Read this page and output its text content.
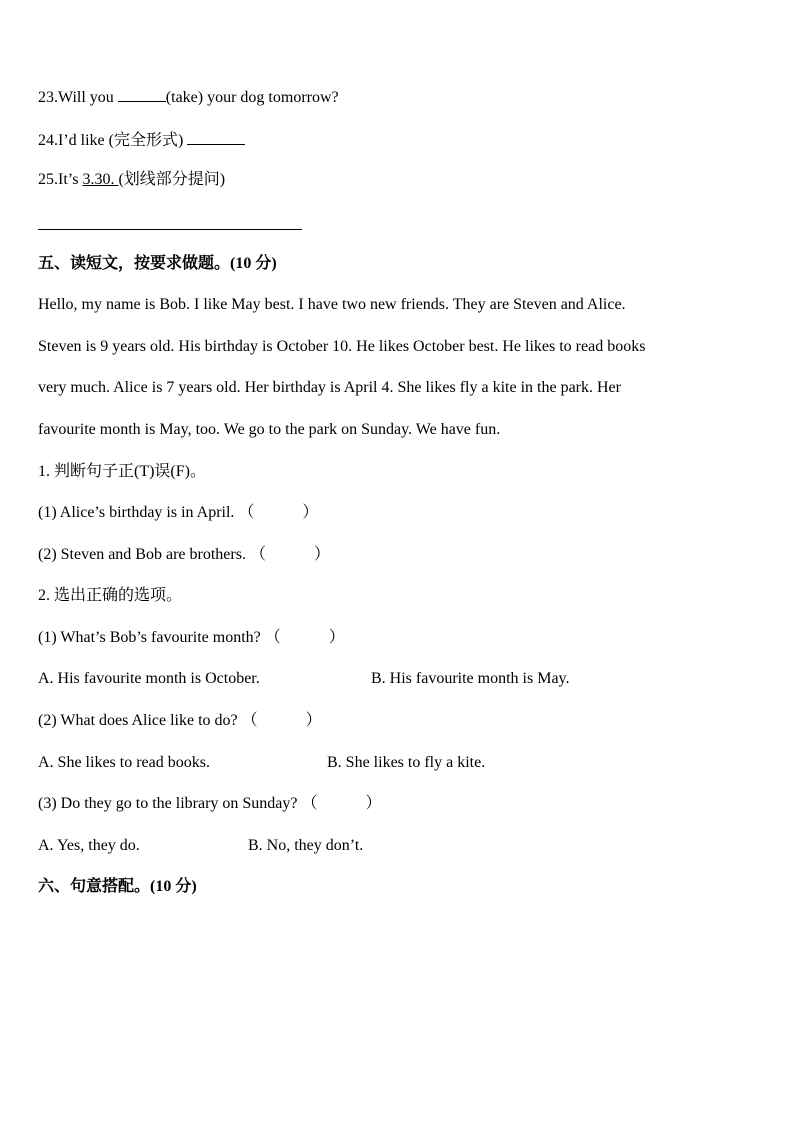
23.Will you	(take) your dog tomorrow?
24.I’d like (完全形式)
25.It’s 3.30. (划线部分提问)
五、读短文，按要求做题。(10 分)
Hello, my name is Bob. I like May best. I have two new friends. They are Steven and Alice.
Steven is 9 years old. His birthday is October 10. He likes October best. He likes to read books
very much. Alice is 7 years old. Her birthday is April 4. She likes fly a kite in the park. Her
favourite month is May, too. We go to the park on Sunday. We have fun.
1. 判断句子正(T)误(F)。
(1) Alice’s birthday is in April. （　　　）
(2) Steven and Bob are brothers. （　　　）
2. 选出正确的选项。
(1) What’s Bob’s favourite month? （　　　）
A. His favourite month is October.	B. His favourite month is May.
(2) What does Alice like to do? （　　　）
A. She likes to read books.	B. She likes to fly a kite.
(3) Do they go to the library on Sunday? （　　　）
A. Yes, they do.	B. No, they don’t.
六、句意搭配。(10 分)
